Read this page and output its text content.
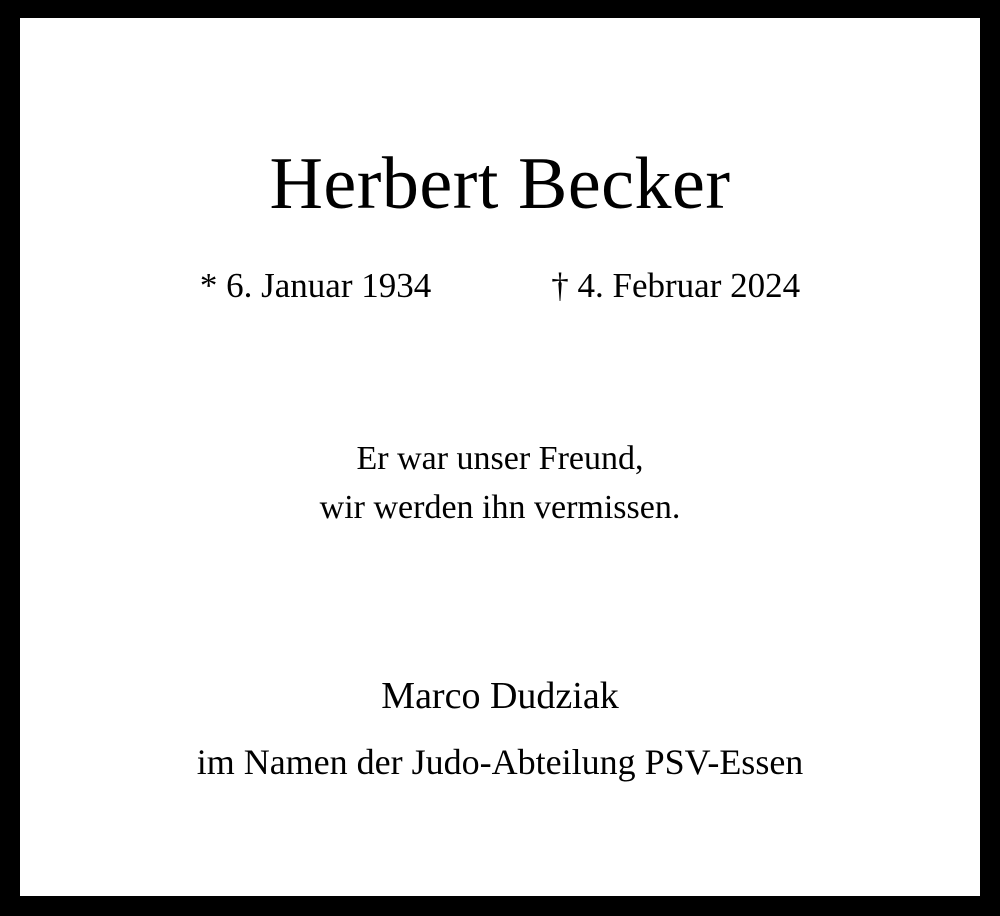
Herbert Becker
* 6. Januar 1934	† 4. Februar 2024
Er war unser Freund,
wir werden ihn vermissen.
Marco Dudziak
im Namen der Judo-Abteilung PSV-Essen
